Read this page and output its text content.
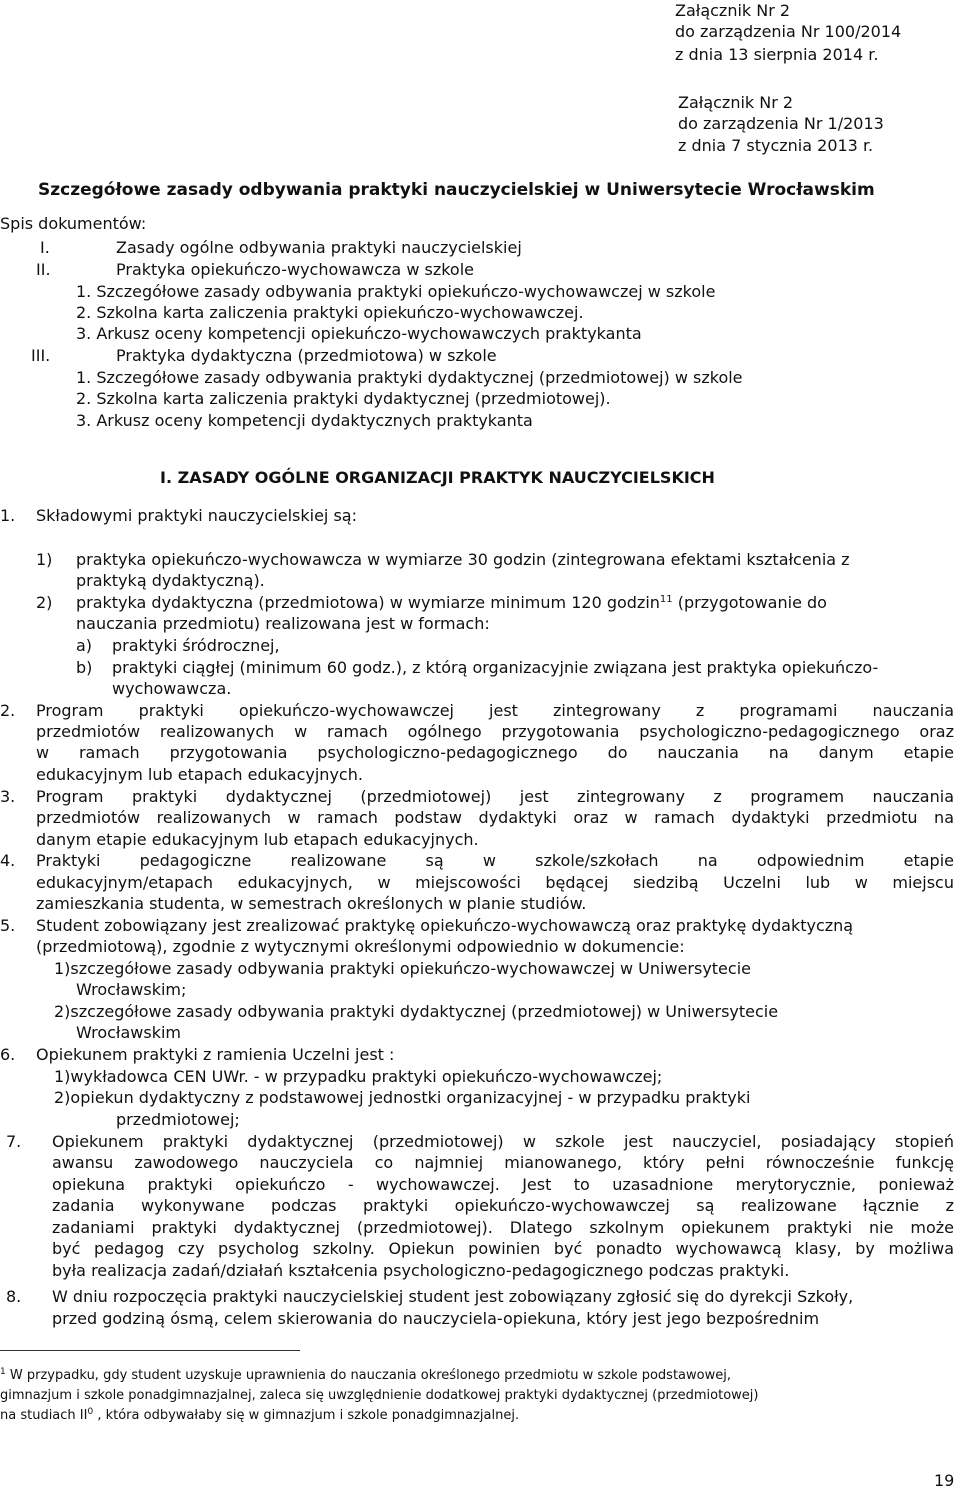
Załącznik Nr 2
do zarządzenia Nr 100/2014
z dnia 13 sierpnia 2014 r.
Załącznik Nr 2
do zarządzenia Nr 1/2013
z dnia 7 stycznia 2013 r.
Szczegółowe zasady odbywania praktyki nauczycielskiej w Uniwersytecie Wrocławskim
Spis dokumentów:
I.	Zasady ogólne odbywania praktyki nauczycielskiej
II.	Praktyka opiekuńczo-wychowawcza w szkole
1. Szczegółowe zasady odbywania praktyki opiekuńczo-wychowawczej w szkole
2. Szkolna karta zaliczenia praktyki opiekuńczo-wychowawczej.
3. Arkusz oceny kompetencji opiekuńczo-wychowawczych praktykanta
III.	Praktyka dydaktyczna (przedmiotowa) w szkole
1. Szczegółowe zasady odbywania praktyki dydaktycznej (przedmiotowej) w szkole
2. Szkolna karta zaliczenia praktyki dydaktycznej (przedmiotowej).
3. Arkusz oceny kompetencji dydaktycznych praktykanta
I. ZASADY OGÓLNE ORGANIZACJI PRAKTYK NAUCZYCIELSKICH
1. Składowymi praktyki nauczycielskiej są:
1) praktyka opiekuńczo-wychowawcza w wymiarze 30 godzin (zintegrowana efektami kształcenia z
praktyką dydaktyczną).
2) praktyka dydaktyczna (przedmiotowa) w wymiarze minimum 120 godzin$^{11}$ (przygotowanie do
nauczania przedmiotu) realizowana jest w formach:
a) praktyki śródrocznej,
b) praktyki ciągłej (minimum 60 godz.), z którą organizacyjnie związana jest praktyka opiekuńczo-
wychowawcza.
2. Program praktyki opiekuńczo-wychowawczej jest zintegrowany z programami nauczania
przedmiotów realizowanych w ramach ogólnego przygotowania psychologiczno-pedagogicznego oraz
w ramach przygotowania psychologiczno-pedagogicznego do nauczania na danym etapie
edukacyjnym lub etapach edukacyjnych.
3. Program praktyki dydaktycznej (przedmiotowej) jest zintegrowany z programem nauczania
przedmiotów realizowanych w ramach podstaw dydaktyki oraz w ramach dydaktyki przedmiotu na
danym etapie edukacyjnym lub etapach edukacyjnych.
4. Praktyki pedagogiczne realizowane są w szkole/szkołach na odpowiednim etapie
edukacyjnym/etapach edukacyjnych, w miejscowości będącej siedzibą Uczelni lub w miejscu
zamieszkania studenta, w semestrach określonych w planie studiów.
5. Student zobowiązany jest zrealizować praktykę opiekuńczo-wychowawczą oraz praktykę dydaktyczną
(przedmiotową), zgodnie z wytycznymi określonymi odpowiednio w dokumencie:
1)szczegółowe zasady odbywania praktyki opiekuńczo-wychowawczej w Uniwersytecie
Wrocławskim;
2)szczegółowe zasady odbywania praktyki dydaktycznej (przedmiotowej) w Uniwersytecie
Wrocławskim
6. Opiekunem praktyki z ramienia Uczelni jest :
1)wykładowca CEN UWr. - w przypadku praktyki opiekuńczo-wychowawczej;
2)opiekun dydaktyczny z podstawowej jednostki organizacyjnej - w przypadku praktyki
przedmiotowej;
7. Opiekunem praktyki dydaktycznej (przedmiotowej) w szkole jest nauczyciel, posiadający stopień
awansu zawodowego nauczyciela co najmniej mianowanego, który pełni równocześnie funkcję
opiekuna praktyki opiekuńczo - wychowawczej. Jest to uzasadnione merytorycznie, ponieważ
zadania wykonywane podczas praktyki opiekuńczo-wychowawczej są realizowane łącznie z
zadaniami praktyki dydaktycznej (przedmiotowej). Dlatego szkolnym opiekunem praktyki nie może
być pedagog czy psycholog szkolny. Opiekun powinien być ponadto wychowawcą klasy, by możliwa
była realizacja zadań/działań kształcenia psychologiczno-pedagogicznego podczas praktyki.
8. W dniu rozpoczęcia praktyki nauczycielskiej student jest zobowiązany zgłosić się do dyrekcji Szkoły,
przed godziną ósmą, celem skierowania do nauczyciela-opiekuna, który jest jego bezpośrednim
$^1$ W przypadku, gdy student uzyskuje uprawnienia do nauczania określonego przedmiotu w szkole podstawowej,
gimnazjum i szkole ponadgimnazjalnej, zaleca się uwzględnienie dodatkowej praktyki dydaktycznej (przedmiotowej)
na studiach $II^0$ , która odbywałaby się w gimnazjum i szkole ponadgimnazjalnej.
19
